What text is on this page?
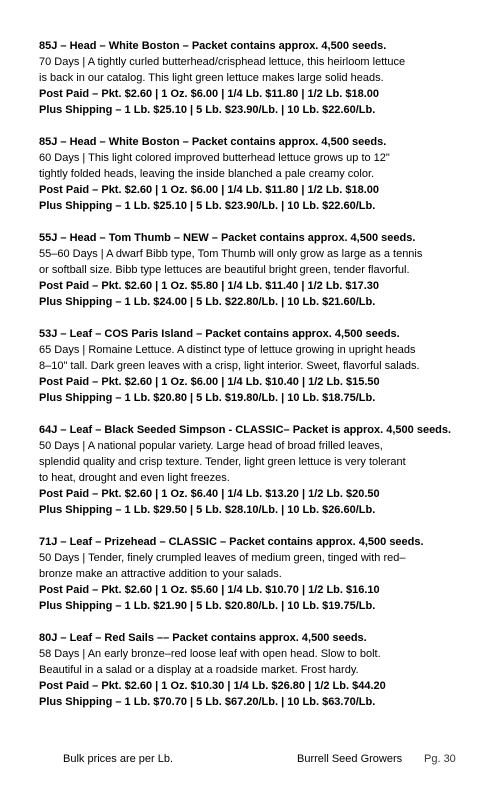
85J – Head – White Boston – Packet contains approx. 4,500 seeds.
70 Days | A tightly curled butterhead/crisphead lettuce, this heirloom lettuce
is back in our catalog. This light green lettuce makes large solid heads.
Post Paid – Pkt. $2.60 | 1 Oz. $6.00 | 1/4 Lb. $11.80 | 1/2 Lb. $18.00
Plus Shipping – 1 Lb. $25.10 | 5 Lb. $23.90/Lb. | 10 Lb. $22.60/Lb.
85J – Head – White Boston – Packet contains approx. 4,500 seeds.
60 Days | This light colored improved butterhead lettuce grows up to 12"
tightly folded heads, leaving the inside blanched a pale creamy color.
Post Paid – Pkt. $2.60 | 1 Oz. $6.00 | 1/4 Lb. $11.80 | 1/2 Lb. $18.00
Plus Shipping – 1 Lb. $25.10 | 5 Lb. $23.90/Lb. | 10 Lb. $22.60/Lb.
55J – Head – Tom Thumb – NEW – Packet contains approx. 4,500 seeds.
55–60 Days | A dwarf Bibb type, Tom Thumb will only grow as large as a tennis
or softball size. Bibb type lettuces are beautiful bright green, tender flavorful.
Post Paid – Pkt. $2.60 | 1 Oz. $5.80 | 1/4 Lb. $11.40 | 1/2 Lb. $17.30
Plus Shipping – 1 Lb. $24.00 | 5 Lb. $22.80/Lb. | 10 Lb. $21.60/Lb.
53J – Leaf – COS Paris Island – Packet contains approx. 4,500 seeds.
65 Days | Romaine Lettuce. A distinct type of lettuce growing in upright heads
8–10" tall. Dark green leaves with a crisp, light interior. Sweet, flavorful salads.
Post Paid – Pkt. $2.60 | 1 Oz. $6.00 | 1/4 Lb. $10.40 | 1/2 Lb. $15.50
Plus Shipping – 1 Lb. $20.80 | 5 Lb. $19.80/Lb. | 10 Lb. $18.75/Lb.
64J – Leaf – Black Seeded Simpson - CLASSIC– Packet is approx. 4,500 seeds.
50 Days | A national popular variety. Large head of broad frilled leaves,
splendid quality and crisp texture. Tender, light green lettuce is very tolerant
to heat, drought and even light freezes.
Post Paid – Pkt. $2.60 | 1 Oz. $6.40 | 1/4 Lb. $13.20 | 1/2 Lb. $20.50
Plus Shipping – 1 Lb. $29.50 | 5 Lb. $28.10/Lb. | 10 Lb. $26.60/Lb.
71J – Leaf – Prizehead – CLASSIC – Packet contains approx. 4,500 seeds.
50 Days | Tender, finely crumpled leaves of medium green, tinged with red–
bronze make an attractive addition to your salads.
Post Paid – Pkt. $2.60 | 1 Oz. $5.60 | 1/4 Lb. $10.70 | 1/2 Lb. $16.10
Plus Shipping – 1 Lb. $21.90 | 5 Lb. $20.80/Lb. | 10 Lb. $19.75/Lb.
80J – Leaf – Red Sails –– Packet contains approx. 4,500 seeds.
58 Days | An early bronze–red loose leaf with open head. Slow to bolt.
Beautiful in a salad or a display at a roadside market. Frost hardy.
Post Paid – Pkt. $2.60 | 1 Oz. $10.30 | 1/4 Lb. $26.80 | 1/2 Lb. $44.20
Plus Shipping – 1 Lb. $70.70 | 5 Lb. $67.20/Lb. | 10 Lb. $63.70/Lb.
Bulk prices are per Lb.	Burrell Seed Growers Pg. 30
